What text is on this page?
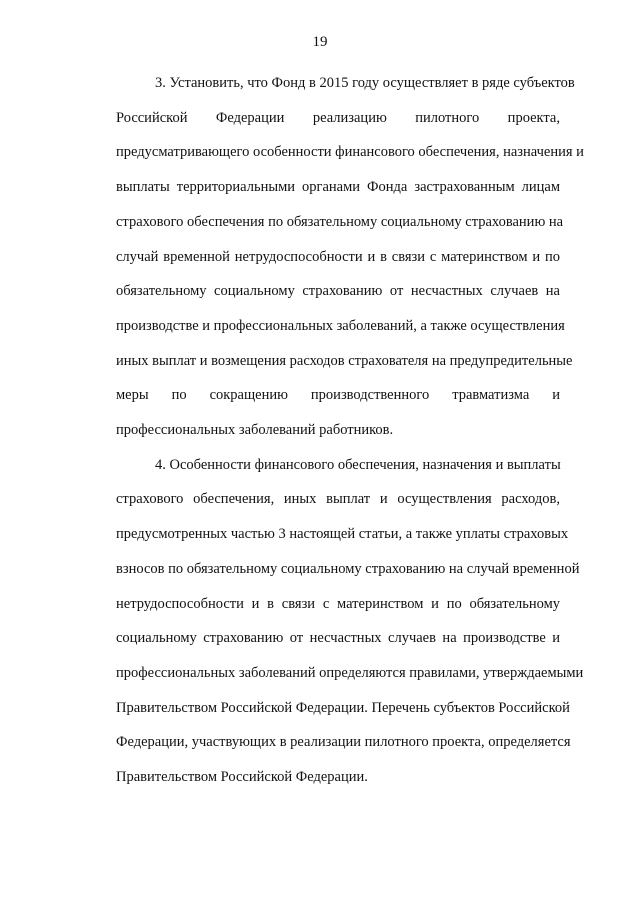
19

3. Установить, что Фонд в 2015 году осуществляет в ряде субъектов
Российской Федерации реализацию пилотного проекта,
предусматривающего особенности финансового обеспечения, назначения и
выплаты территориальными органами Фонда застрахованным лицам
страхового обеспечения по обязательному социальному страхованию на
случай временной нетрудоспособности и в связи с материнством и по
обязательному социальному страхованию от несчастных случаев на
производстве и профессиональных заболеваний, а также осуществления
иных выплат и возмещения расходов страхователя на предупредительные
меры по сокращению производственного травматизма и
профессиональных заболеваний работников.

4. Особенности финансового обеспечения, назначения и выплаты
страхового обеспечения, иных выплат и осуществления расходов,
предусмотренных частью 3 настоящей статьи, а также уплаты страховых
взносов по обязательному социальному страхованию на случай временной
нетрудоспособности и в связи с материнством и по обязательному
социальному страхованию от несчастных случаев на производстве и
профессиональных заболеваний определяются правилами, утверждаемыми
Правительством Российской Федерации. Перечень субъектов Российской
Федерации, участвующих в реализации пилотного проекта, определяется
Правительством Российской Федерации.
